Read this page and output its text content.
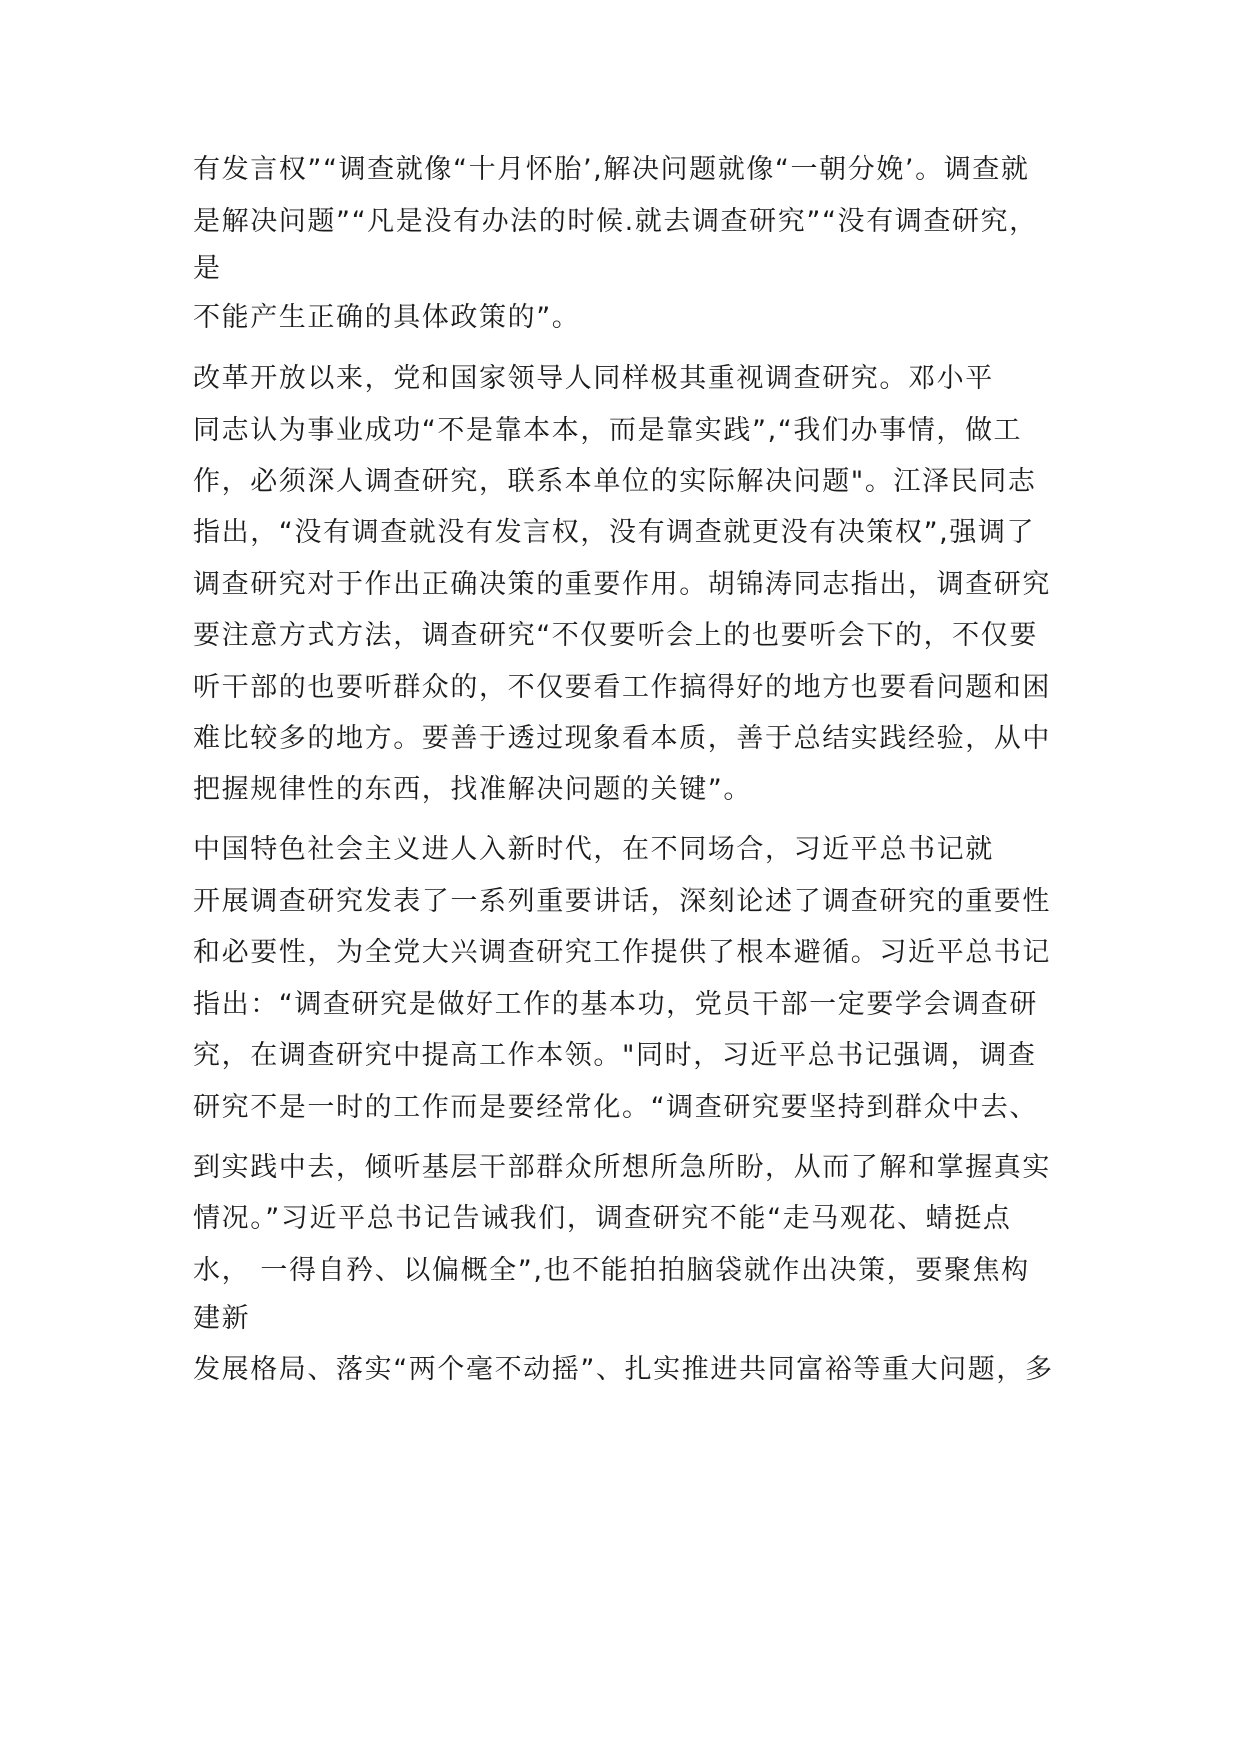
有发言权”“调查就像“十月怀胎’,解决问题就像“一朝分娩’。调查就
是解决问题”“凡是没有办法的时候.就去调查研究”“没有调查研究，
是
不能产生正确的具体政策的”。
改革开放以来，党和国家领导人同样极其重视调查研究。邓小平
同志认为事业成功“不是靠本本，而是靠实践”,“我们办事情，做工
作，必须深人调查研究，联系本单位的实际解决问题"。江泽民同志
指出，“没有调查就没有发言权，没有调查就更没有决策权”,强调了
调查研究对于作出正确决策的重要作用。胡锦涛同志指出，调查研究
要注意方式方法，调查研究“不仅要听会上的也要听会下的，不仅要
听干部的也要听群众的，不仅要看工作搞得好的地方也要看问题和困
难比较多的地方。要善于透过现象看本质，善于总结实践经验，从中
把握规律性的东西，找准解决问题的关键”。
中国特色社会主义进人入新时代，在不同场合，习近平总书记就
开展调查研究发表了一系列重要讲话，深刻论述了调查研究的重要性
和必要性，为全党大兴调查研究工作提供了根本避循。习近平总书记
指出：“调查研究是做好工作的基本功，党员干部一定要学会调查研
究，在调查研究中提高工作本领。"同时，习近平总书记强调，调查
研究不是一时的工作而是要经常化。“调查研究要坚持到群众中去、
到实践中去，倾听基层干部群众所想所急所盼，从而了解和掌握真实
情况。”习近平总书记告诫我们，调查研究不能“走马观花、蜻挺点
水， 一得自矜、以偏概全”,也不能拍拍脑袋就作出决策，要聚焦构
建新
发展格局、落实“两个毫不动摇”、扎实推进共同富裕等重大问题，多
